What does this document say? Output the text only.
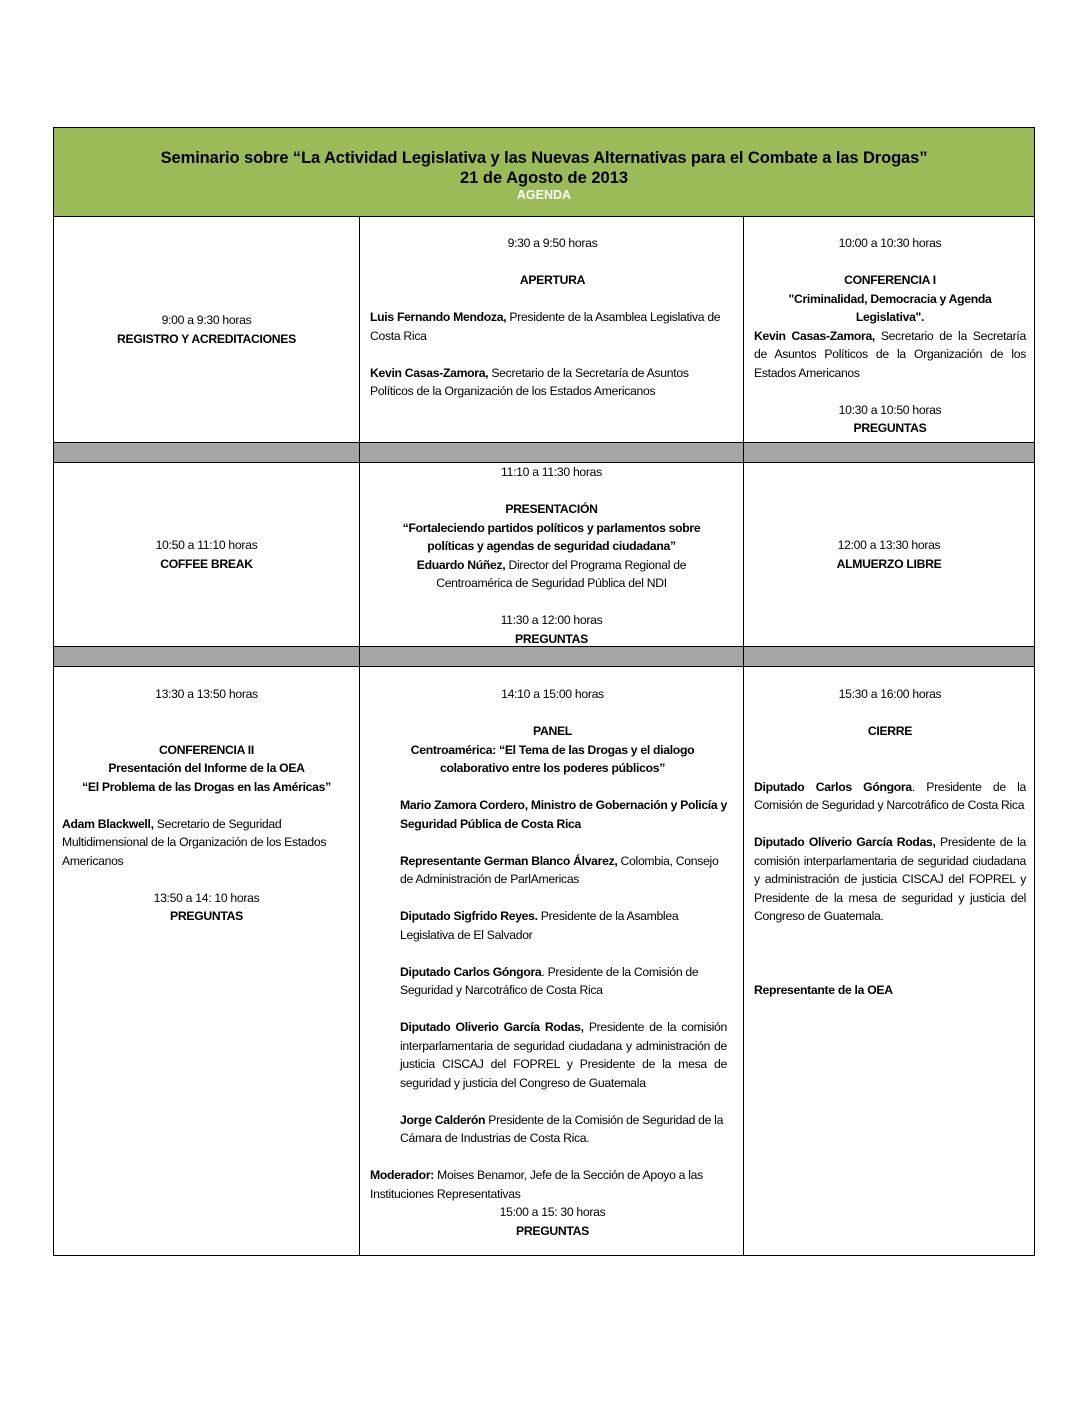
Seminario sobre “La Actividad Legislativa y las Nuevas Alternativas para el Combate a las Drogas”
21 de Agosto de 2013
AGENDA

9:00 a 9:30 horas

REGISTRO Y ACREDITACIONES

9:30 a 9:50 horas

APERTURA

Luis Fernando Mendoza, Presidente de la Asamblea Legislativa de Costa Rica

Kevin Casas-Zamora, Secretario de la Secretaría de Asuntos Políticos de la Organización de los Estados Americanos

10:00 a 10:30 horas

CONFERENCIA I

"Criminalidad, Democracia y Agenda Legislativa".

Kevin Casas-Zamora, Secretario de la Secretaría de Asuntos Políticos de la Organización de los Estados Americanos

10:30 a 10:50 horas

PREGUNTAS

10:50 a 11:10 horas

COFFEE BREAK

11:10 a 11:30 horas

PRESENTACIÓN

“Fortaleciendo partidos políticos y parlamentos sobre políticas y agendas de seguridad ciudadana”

Eduardo Núñez, Director del Programa Regional de Centroamérica de Seguridad Pública del NDI

11:30 a 12:00 horas

PREGUNTAS

12:00 a 13:30 horas

ALMUERZO LIBRE

13:30 a 13:50 horas

CONFERENCIA II

Presentación del Informe de la OEA

“El Problema de las Drogas en las Américas”

Adam Blackwell, Secretario de Seguridad Multidimensional de la Organización de los Estados Americanos

13:50 a 14: 10 horas

PREGUNTAS

14:10 a 15:00 horas

PANEL

Centroamérica: “El Tema de las Drogas y el dialogo colaborativo entre los poderes públicos”

Mario Zamora Cordero, Ministro de Gobernación y Policía y Seguridad Pública de Costa Rica

Representante German Blanco Álvarez, Colombia, Consejo de Administración de ParlAmericas

Diputado Sigfrido Reyes. Presidente de la Asamblea Legislativa de El Salvador

Diputado Carlos Góngora. Presidente de la Comisión de Seguridad y Narcotráfico de Costa Rica

Diputado Oliverio García Rodas, Presidente de la comisión interparlamentaria de seguridad ciudadana y administración de justicia CISCAJ del FOPREL y Presidente de la mesa de seguridad y justicia del Congreso de Guatemala

Jorge Calderón Presidente de la Comisión de Seguridad de la Cámara de Industrias de Costa Rica.

Moderador: Moises Benamor, Jefe de la Sección de Apoyo a las Instituciones Representativas

15:00 a 15: 30 horas

PREGUNTAS

15:30 a 16:00 horas

CIERRE

Diputado Carlos Góngora. Presidente de la Comisión de Seguridad y Narcotráfico de Costa Rica

Diputado Olíverio García Rodas, Presidente de la comisión interparlamentaria de seguridad ciudadana y administración de justicia CISCAJ del FOPREL y Presidente de la mesa de seguridad y justicia del Congreso de Guatemala.

Representante de la OEA
